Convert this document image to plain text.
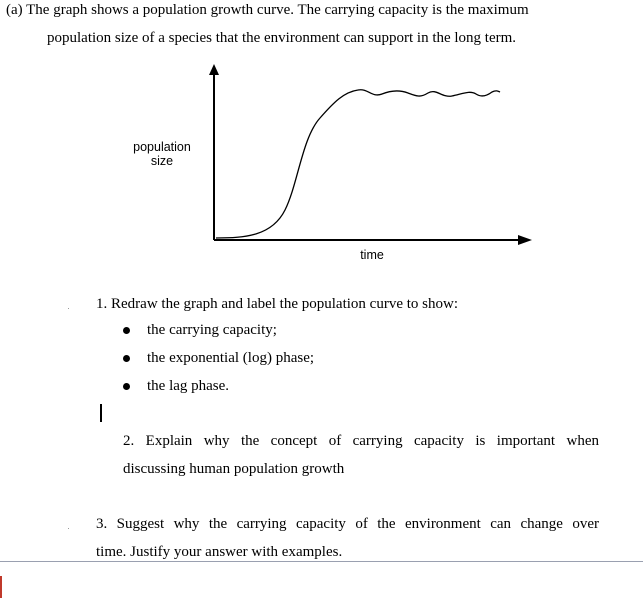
(a) The graph shows a population growth curve. The carrying capacity is the maximum
population size of a species that the environment can support in the long term.
population
size
time
1. Redraw the graph and label the population curve to show:
the carrying capacity;
the exponential (log) phase;
the lag phase.
2. Explain why the concept of carrying capacity is important when
discussing human population growth
3. Suggest why the carrying capacity of the environment can change over
time. Justify your answer with examples.
